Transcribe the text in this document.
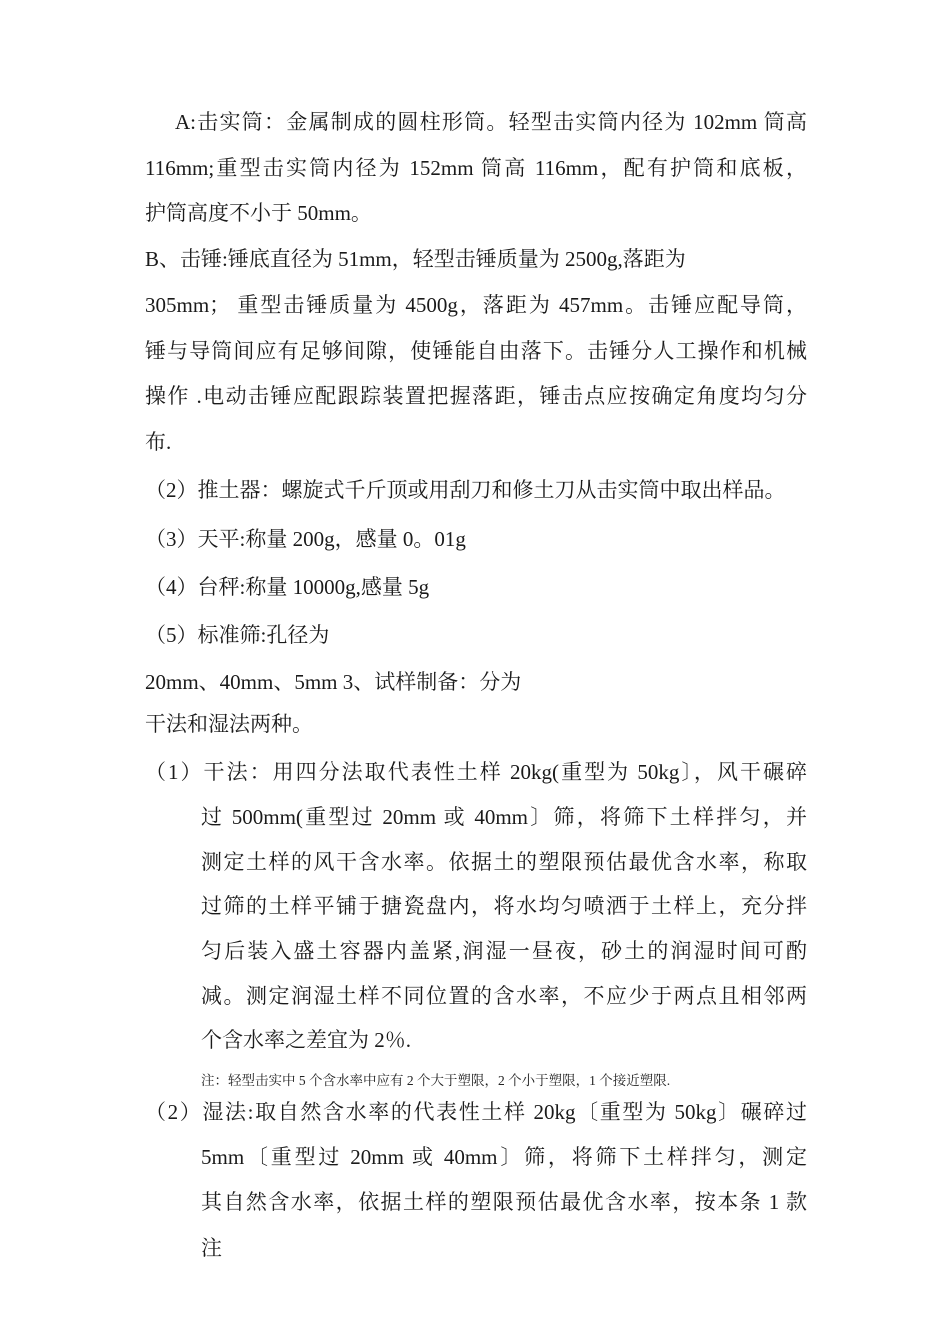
A:击实筒：金属制成的圆柱形筒。轻型击实筒内径为 102mm 筒高

116mm;重型击实筒内径为 152mm 筒高 116mm，配有护筒和底板，

护筒高度不小于 50mm。

B、击锤:锤底直径为 51mm，轻型击锤质量为 2500g,落距为

305mm； 重型击锤质量为 4500g，落距为 457mm。击锤应配导筒，

锤与导筒间应有足够间隙，使锤能自由落下。击锤分人工操作和机械

操作 .电动击锤应配跟踪装置把握落距，锤击点应按确定角度均匀分

布.

（2）推土器：螺旋式千斤顶或用刮刀和修土刀从击实筒中取出样品。

（3）天平:称量 200g，感量 0。01g

（4）台秤:称量 10000g,感量 5g

（5）标准筛:孔径为

20mm、40mm、5mm 3、试样制备：分为

干法和湿法两种。

（1）干法：用四分法取代表性土样 20kg(重型为 50kg〕，风干碾碎

过 500mm(重型过 20mm 或 40mm〕筛，将筛下土样拌匀，并

测定土样的风干含水率。依据土的塑限预估最优含水率，称取

过筛的土样平铺于搪瓷盘内，将水均匀喷洒于土样上，充分拌

匀后装入盛土容器内盖紧,润湿一昼夜，砂土的润湿时间可酌

减。测定润湿土样不同位置的含水率，不应少于两点且相邻两

个含水率之差宜为 2％.

注：轻型击实中 5 个含水率中应有 2 个大于塑限，2 个小于塑限，1 个接近塑限.

（2）湿法:取自然含水率的代表性土样 20kg〔重型为 50kg〕碾碎过

5mm〔重型过 20mm 或 40mm〕筛，将筛下土样拌匀，测定

其自然含水率，依据土样的塑限预估最优含水率，按本条 1 款

注
